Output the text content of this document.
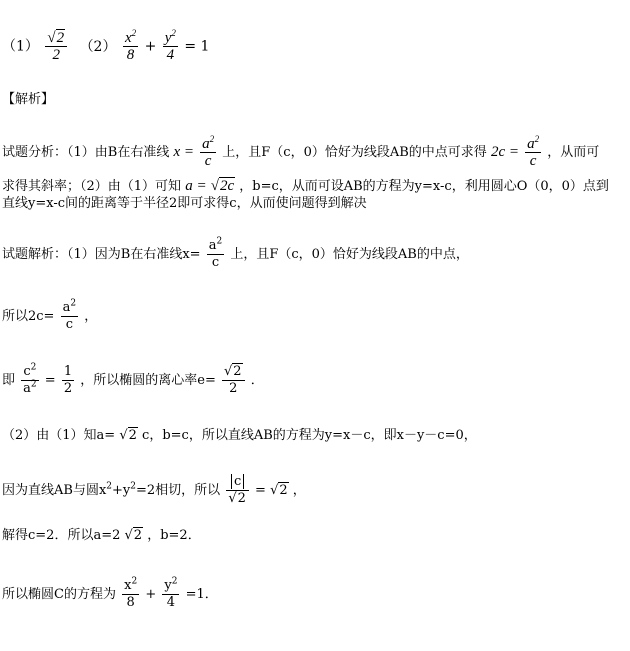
$(1) \frac{√2}{2} (2) \frac{x^2}{8} + \frac{y^2}{4} = 1$
【解析】
试题分析：（1）由B在右准线 $x = \frac{a^2}{c}$ 上，且F（c，0）恰好为线段AB的中点可求得 $2c = \frac{a^2}{c}$ ，从而可
求得其斜率；（2）由（1）可知 a = √2c ，b=c，从而可设AB的方程为y=x-c，利用圆心O（0，0）点到
直线y=x-c间的距离等于半径2即可求得c，从而使问题得到解决
试题解析：（1）因为B在右准线$x= \frac{a^2}{c}$ 上，且F（c，0）恰好为线段AB的中点，
所以$2c= \frac{a^2}{c}$ ，
即 $\frac{c^2}{a^2} = \frac{1}{2}$ ，所以椭圆的离心率$e= \frac{√2}{2}$ ．
（2）由（1）知a= √2 c，b=c，所以直线AB的方程为y=x－c，即x－y－c=0，
因为直线AB与圆$x^2+y^2=2$相切，所以 $\frac{c}{√2} = √2$ ，
解得c=2．所以a=2 √2 ，b=2．
所以椭圆C的方程为 $\frac{x^2}{8} + \frac{y^2}{4} =1$．
